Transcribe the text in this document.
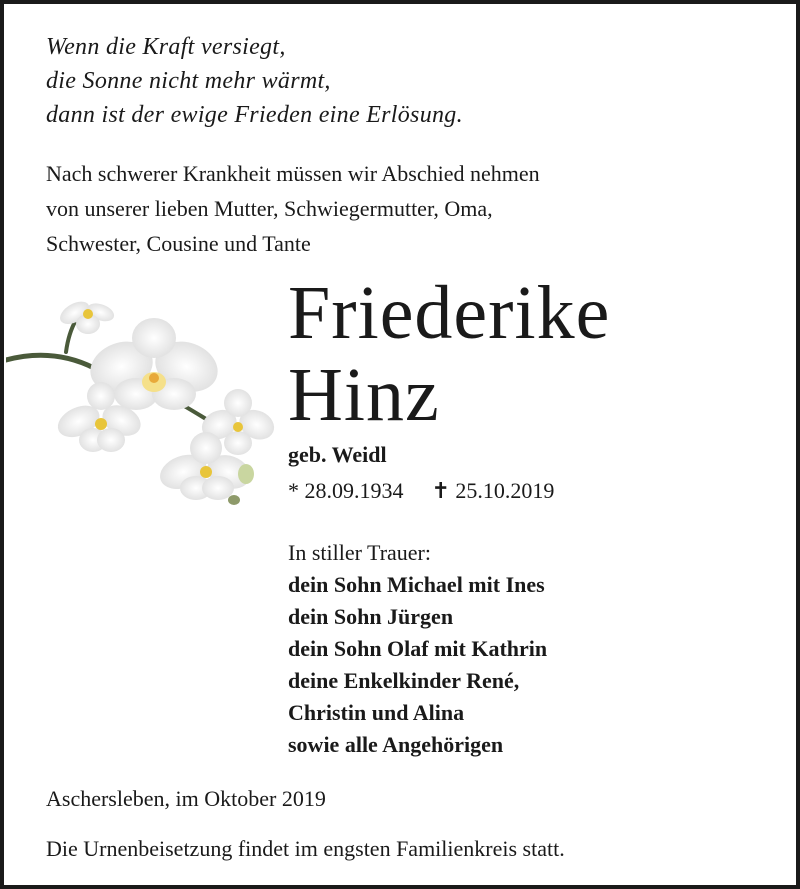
Wenn die Kraft versiegt,
die Sonne nicht mehr wärmt,
dann ist der ewige Frieden eine Erlösung.
Nach schwerer Krankheit müssen wir Abschied nehmen
von unserer lieben Mutter, Schwiegermutter, Oma,
Schwester, Cousine und Tante
Friederike
Hinz
geb. Weidl
* 28.09.1934 ✝ 25.10.2019
In stiller Trauer:
dein Sohn Michael mit Ines
dein Sohn Jürgen
dein Sohn Olaf mit Kathrin
deine Enkelkinder René,
Christin und Alina
sowie alle Angehörigen
Aschersleben, im Oktober 2019
Die Urnenbeisetzung findet im engsten Familienkreis statt.
